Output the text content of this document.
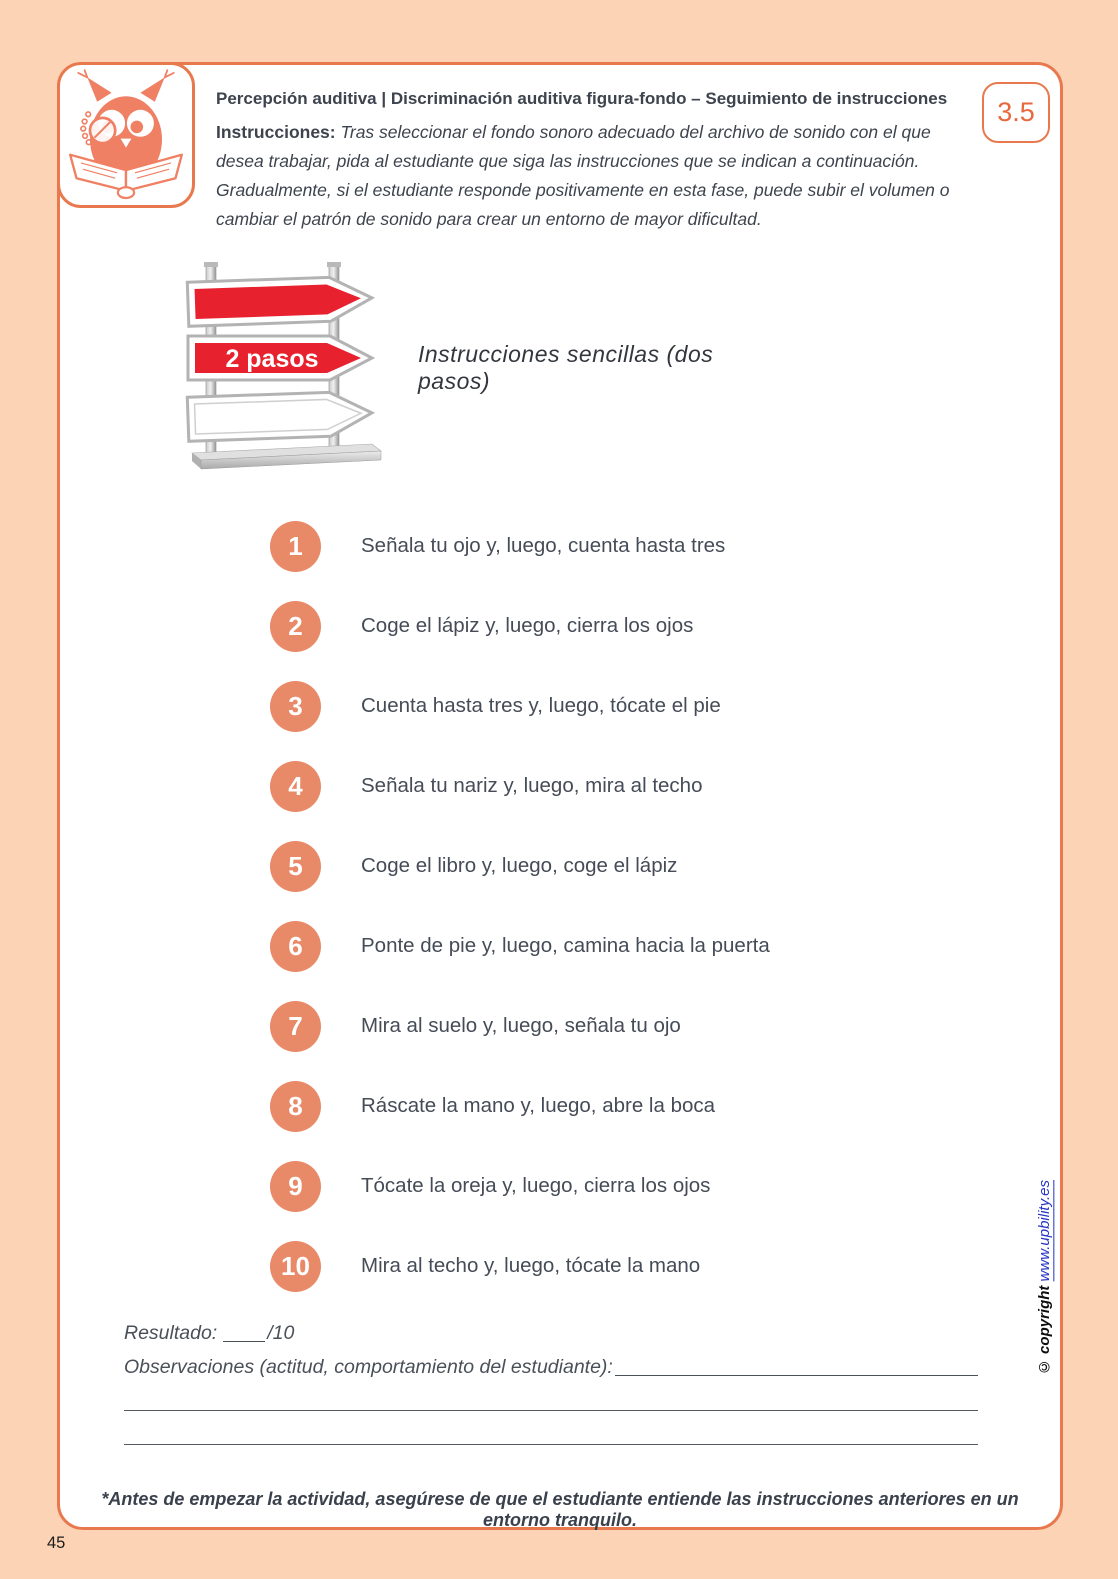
Percepción auditiva | Discriminación auditiva figura-fondo – Seguimiento de instrucciones

Instrucciones: Tras seleccionar el fondo sonoro adecuado del archivo de sonido con el que desea trabajar, pida al estudiante que siga las instrucciones que se indican a continuación. Gradualmente, si el estudiante responde positivamente en esta fase, puede subir el volumen o cambiar el patrón de sonido para crear un entorno de mayor dificultad.

3.5
2 pasos	Instrucciones sencillas (dos pasos)
1	Señala tu ojo y, luego, cuenta hasta tres
2	Coge el lápiz y, luego, cierra los ojos
3	Cuenta hasta tres y, luego, tócate el pie
4	Señala tu nariz y, luego, mira al techo
5	Coge el libro y, luego, coge el lápiz
6	Ponte de pie y, luego, camina hacia la puerta
7	Mira al suelo y, luego, señala tu ojo
8	Ráscate la mano y, luego, abre la boca
9	Tócate la oreja y, luego, cierra los ojos
10	Mira al techo y, luego, tócate la mano
Resultado:	/10
Observaciones (actitud, comportamiento del estudiante):
*Antes de empezar la actividad, asegúrese de que el estudiante entiende las instrucciones anteriores en un entorno tranquilo.
© copyright www.upbility.es
45
